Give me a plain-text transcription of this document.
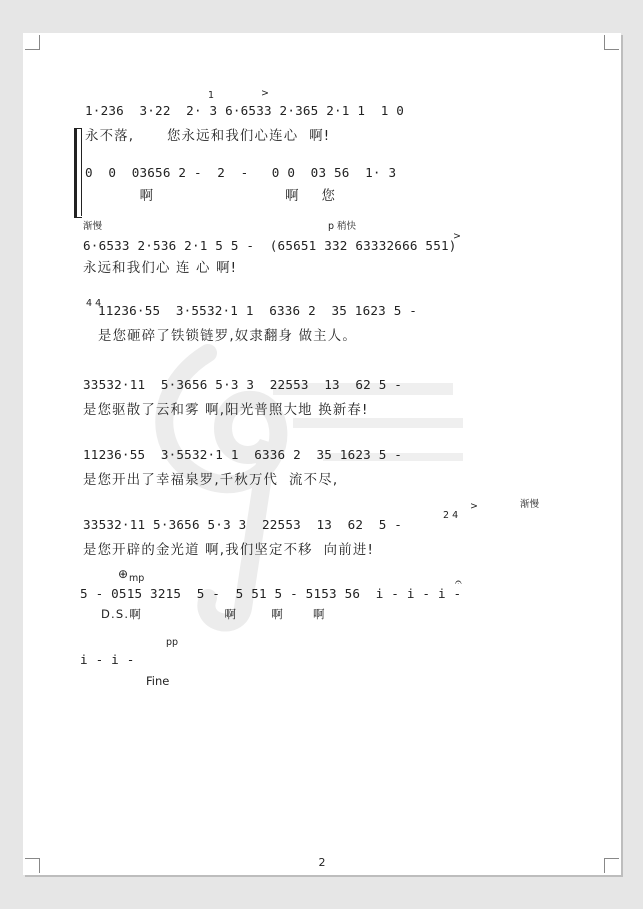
>
1
1·236  3·22  2· 3 6·6533 2·365 2·1 1  1 0
永不落,      您永远和我们心连心  啊!
0  0  03656 2 -  2  -   0 0  03 56  1· 3
啊                        啊    您
渐慢	p 稍快
>
6·6533 2·536 2·1 5 5 -  (65651 332 63332666 551)
永远和我们心 连 心 啊!
4 4
11236·55  3·5532·1 1  6336 2  35 1623 5 -
是您砸碎了铁锁链罗,奴隶翻身 做主人。
33532·11  5·3656 5·3 3  22553  13  62 5 -
是您驱散了云和雾 啊,阳光普照大地 换新春!
11236·55  3·5532·1 1  6336 2  35 1623 5 -
是您开出了幸福泉罗,千秋万代  流不尽,
渐慢
>
2 4
33532·11 5·3656 5·3 3  22553  13  62  5 -
是您开辟的金光道 啊,我们坚定不移  向前进!
⊕ mp	𝄐
5 - 0515 3215  5 -  5 51 5 - 5153 56  i - i - i -
D.S.啊                 啊       啊      啊
pp
i - i -
Fine
2
